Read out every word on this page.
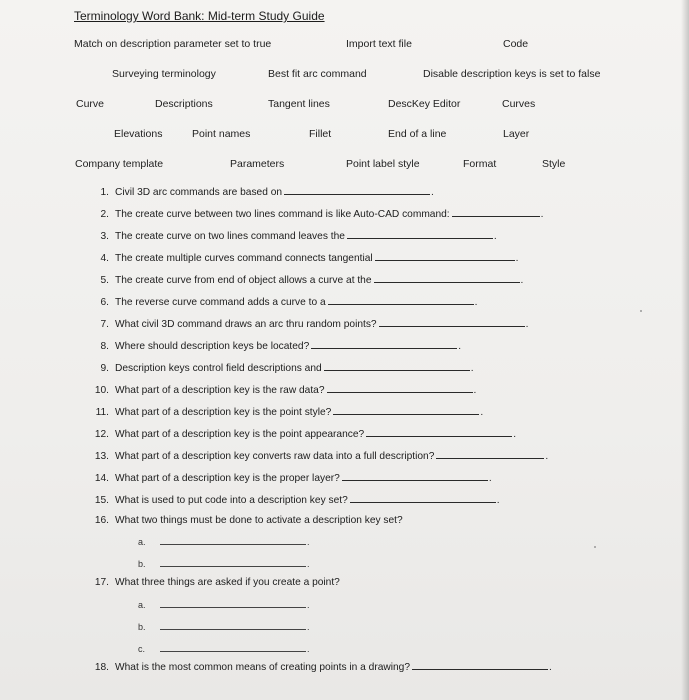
Terminology Word Bank: Mid-term Study Guide
Match on description parameter set to true	Import text file	Code
Surveying terminology	Best fit arc command	Disable description keys is set to false
Curve	Descriptions	Tangent lines	DescKey Editor	Curves
Elevations	Point names	Fillet	End of a line	Layer
Company template	Parameters	Point label style	Format	Style
1. Civil 3D arc commands are based on	.
2. The create curve between two lines command is like Auto-CAD command:	.
3. The create curve on two lines command leaves the	.
4. The create multiple curves command connects tangential	.
5. The create curve from end of object allows a curve at the	.
6. The reverse curve command adds a curve to a	.
7. What civil 3D command draws an arc thru random points?	.
8. Where should description keys be located?	.
9. Description keys control field descriptions and	.
10. What part of a description key is the raw data?	.
11. What part of a description key is the point style?	.
12. What part of a description key is the point appearance?	.
13. What part of a description key converts raw data into a full description?	.
14. What part of a description key is the proper layer?	.
15. What is used to put code into a description key set?	.
16. What two things must be done to activate a description key set?
a.	.
b.	.
17. What three things are asked if you create a point?
a.	.
b.	.
c.	.
18. What is the most common means of creating points in a drawing?	.
